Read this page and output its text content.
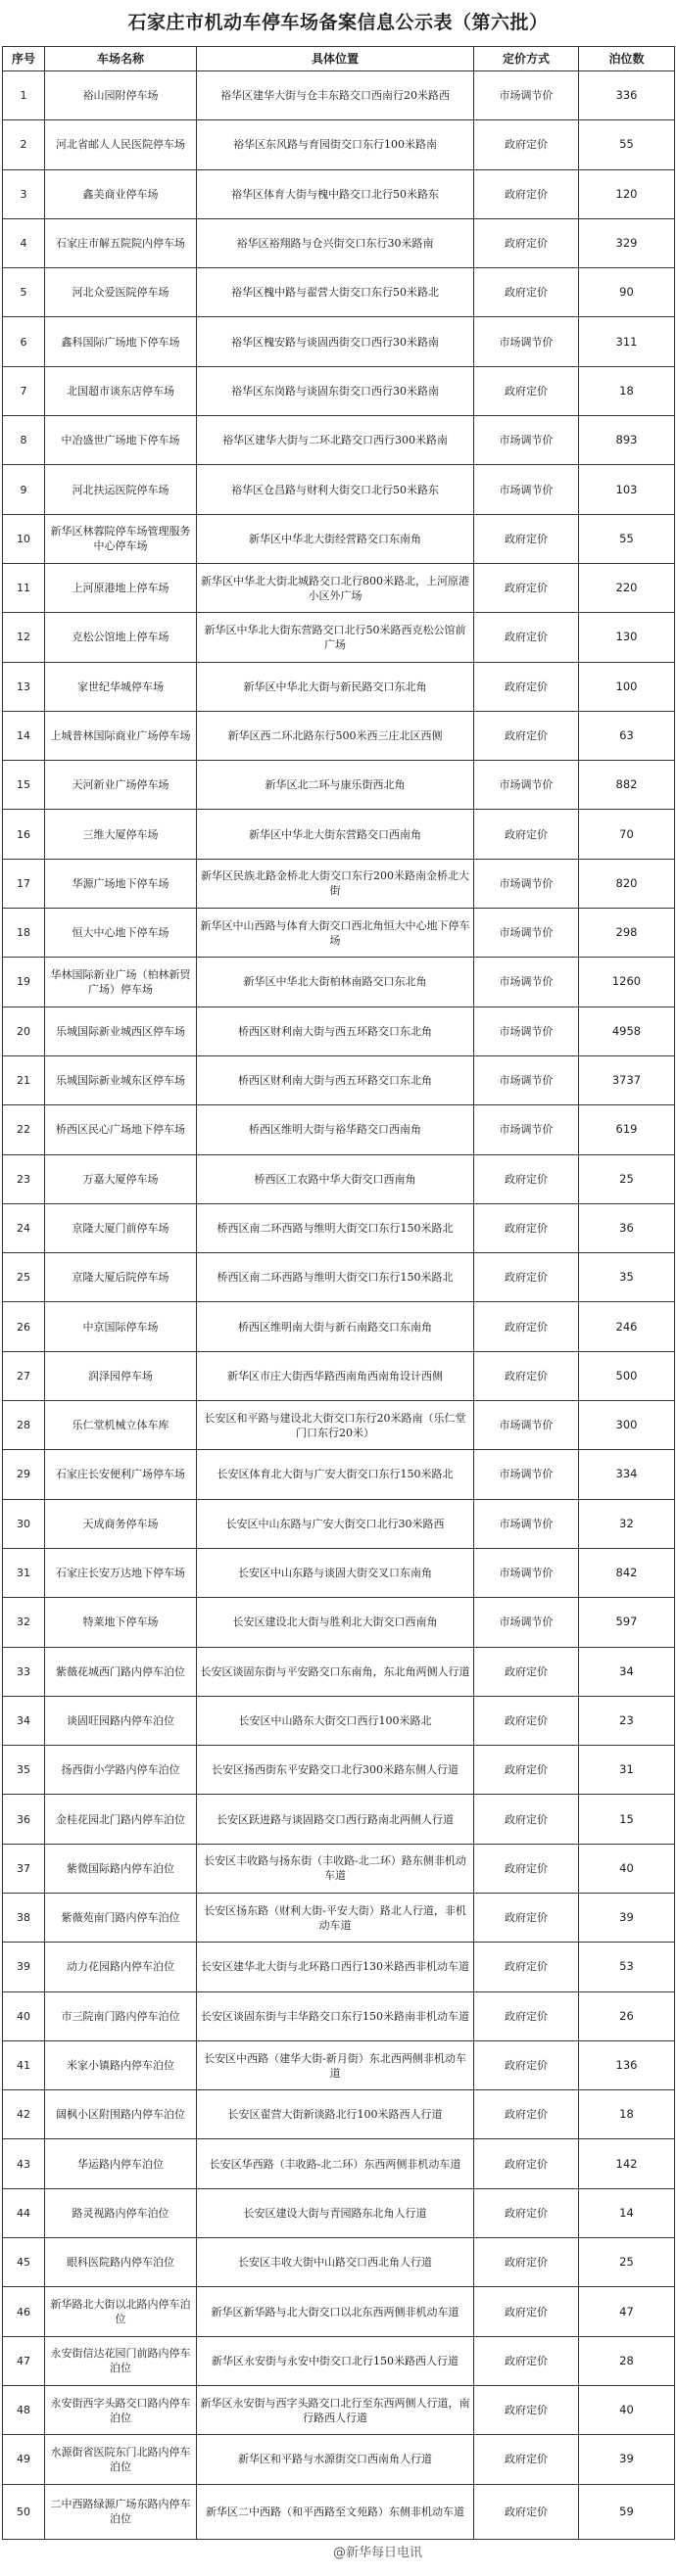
石家庄市机动车停车场备案信息公示表（第六批）
序号	车场名称	具体位置	定价方式	泊位数
1	裕山园附停车场	裕华区建华大街与仓丰东路交口西南行20米路西	市场调节价	336
2	河北省邮人人民医院停车场	裕华区东风路与育园街交口东行100米路南	政府定价	55
3	鑫美商业停车场	裕华区体育大街与槐中路交口北行50米路东	政府定价	120
4	石家庄市解五院院内停车场	裕华区裕翔路与仓兴街交口东行30米路南	政府定价	329
5	河北众爱医院停车场	裕华区槐中路与翟营大街交口东行50米路北	政府定价	90
6	鑫科国际广场地下停车场	裕华区槐安路与谈固西街交口西行30米路南	市场调节价	311
7	北国超市谈东店停车场	裕华区东岗路与谈固东街交口西行30米路南	政府定价	18
8	中冶盛世广场地下停车场	裕华区建华大街与二环北路交口西行300米路南	市场调节价	893
9	河北扶运医院停车场	裕华区仓昌路与财利大街交口北行50米路东	市场调节价	103
10	新华区林蓉院停车场管理服务中心停车场	新华区中华北大街经营路交口东南角	政府定价	55
11	上河原港地上停车场	新华区中华北大街北城路交口北行800米路北，上河原港小区外广场	政府定价	220
12	克松公馆地上停车场	新华区中华北大街东营路交口北行50米路西克松公馆前广场	政府定价	130
13	家世纪华城停车场	新华区中华北大街与新民路交口东北角	政府定价	100
14	上城普林国际商业广场停车场	新华区西二环北路东行500米西三庄北区西侧	政府定价	63
15	天河新业广场停车场	新华区北二环与康乐街西北角	市场调节价	882
16	三维大厦停车场	新华区中华北大街东营路交口西南角	政府定价	70
17	华源广场地下停车场	新华区民族北路金桥北大街交口东行200米路南金桥北大街	市场调节价	820
18	恒大中心地下停车场	新华区中山西路与体育大街交口西北角恒大中心地下停车场	市场调节价	298
19	华林国际新业广场（柏林新贸广场）停车场	新华区中华北大街柏林南路交口东北角	市场调节价	1260
20	乐城国际新业城西区停车场	桥西区财利南大街与西五环路交口东北角	市场调节价	4958
21	乐城国际新业城东区停车场	桥西区财利南大街与西五环路交口东北角	市场调节价	3737
22	桥西区民心广场地下停车场	桥西区维明大街与裕华路交口西南角	市场调节价	619
23	万嘉大厦停车场	桥西区工农路中华大街交口西南角	政府定价	25
24	京隆大厦门前停车场	桥西区南二环西路与维明大街交口东行150米路北	政府定价	36
25	京隆大厦后院停车场	桥西区南二环西路与维明大街交口东行150米路北	政府定价	35
26	中京国际停车场	桥西区维明南大街与新石南路交口东南角	政府定价	246
27	润泽园停车场	新华区市庄大街西华路西南角西南角设计西侧	政府定价	500
28	乐仁堂机械立体车库	长安区和平路与建设北大街交口东行20米路南（乐仁堂门口东行20米）	市场调节价	300
29	石家庄长安便利广场停车场	长安区体育北大街与广安大街交口东行150米路北	市场调节价	334
30	天成商务停车场	长安区中山东路与广安大街交口北行30米路西	市场调节价	32
31	石家庄长安万达地下停车场	长安区中山东路与谈固大街交叉口东南角	市场调节价	842
32	特莱地下停车场	长安区建设北大街与胜利北大街交口西南角	市场调节价	597
33	紫薇花城西门路内停车泊位	长安区谈固东街与平安路交口东南角，东北角两侧人行道	政府定价	34
34	谈固旺园路内停车泊位	长安区中山路东大街交口西行100米路北	政府定价	23
35	扬西街小学路内停车泊位	长安区扬西街东平安路交口北行300米路东侧人行道	政府定价	31
36	金桂花园北门路内停车泊位	长安区跃进路与谈固路交口西行路南北两侧人行道	政府定价	15
37	紫微国际路内停车泊位	长安区丰收路与扬东街（丰收路-北二环）路东侧非机动车道	政府定价	40
38	紫薇苑南门路内停车泊位	长安区扬东路（财利大街-平安大街）路北人行道，非机动车道	政府定价	39
39	动力花园路内停车泊位	长安区建华北大街与北环路口西行130米路西非机动车道	政府定价	53
40	市三院南门路内停车泊位	长安区谈固东街与丰华路交口东行150米路南非机动车道	政府定价	26
41	米家小镇路内停车泊位	长安区中西路（建华大街-新月街）东北西两侧非机动车道	政府定价	136
42	阔枫小区附围路内停车泊位	长安区翟营大街新谈路北行100米路西人行道	政府定价	18
43	华运路内停车泊位	长安区华西路（丰收路-北二环）东西两侧非机动车道	政府定价	142
44	路灵视路内停车泊位	长安区建设大街与青园路东北角人行道	政府定价	14
45	眼科医院路内停车泊位	长安区丰收大街中山路交口西北角人行道	政府定价	25
46	新华路北大街以北路内停车泊位	新华区新华路与北大街交口以北东西两侧非机动车道	政府定价	47
47	永安街信达花园门前路内停车泊位	新华区永安街与永安中街交口北行150米路西人行道	政府定价	28
48	永安街西字头路交口路内停车泊位	新华区永安街与西字头路交口北行至东西两侧人行道，南行路西人行道	政府定价	40
49	水源街省医院东门北路内停车泊位	新华区和平路与水源街交口西南角人行道	政府定价	39
50	二中西路绿源广场东路内停车泊位	新华区二中西路（和平西路至文苑路）东侧非机动车道	政府定价	59
@新华每日电讯
